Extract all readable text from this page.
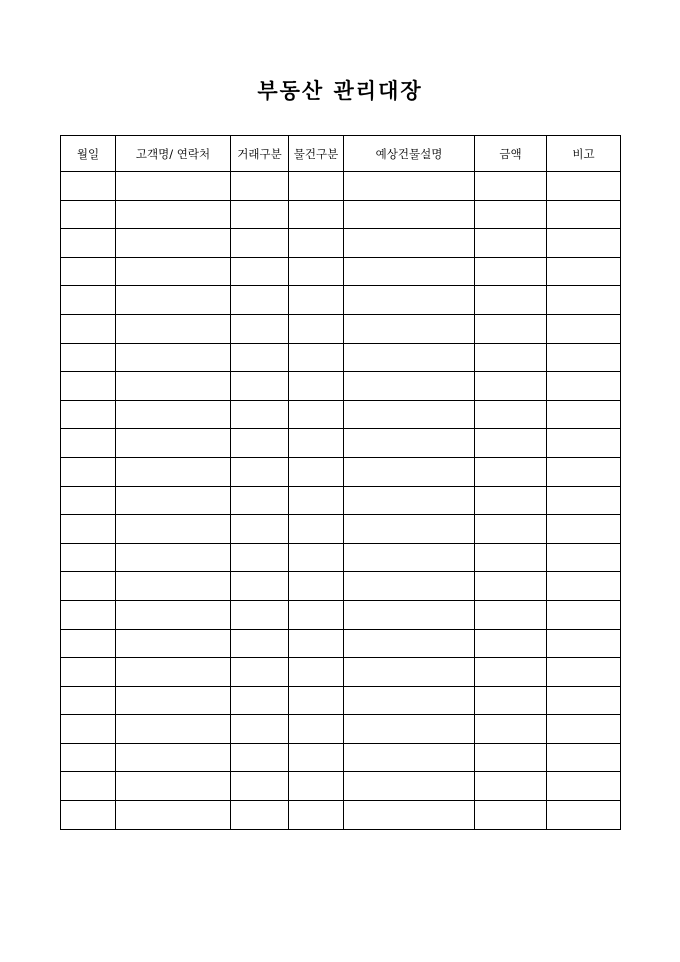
부동산 관리대장
월일	고객명/ 연락처	거래구분	물건구분	예상건물설명	금액	비고
